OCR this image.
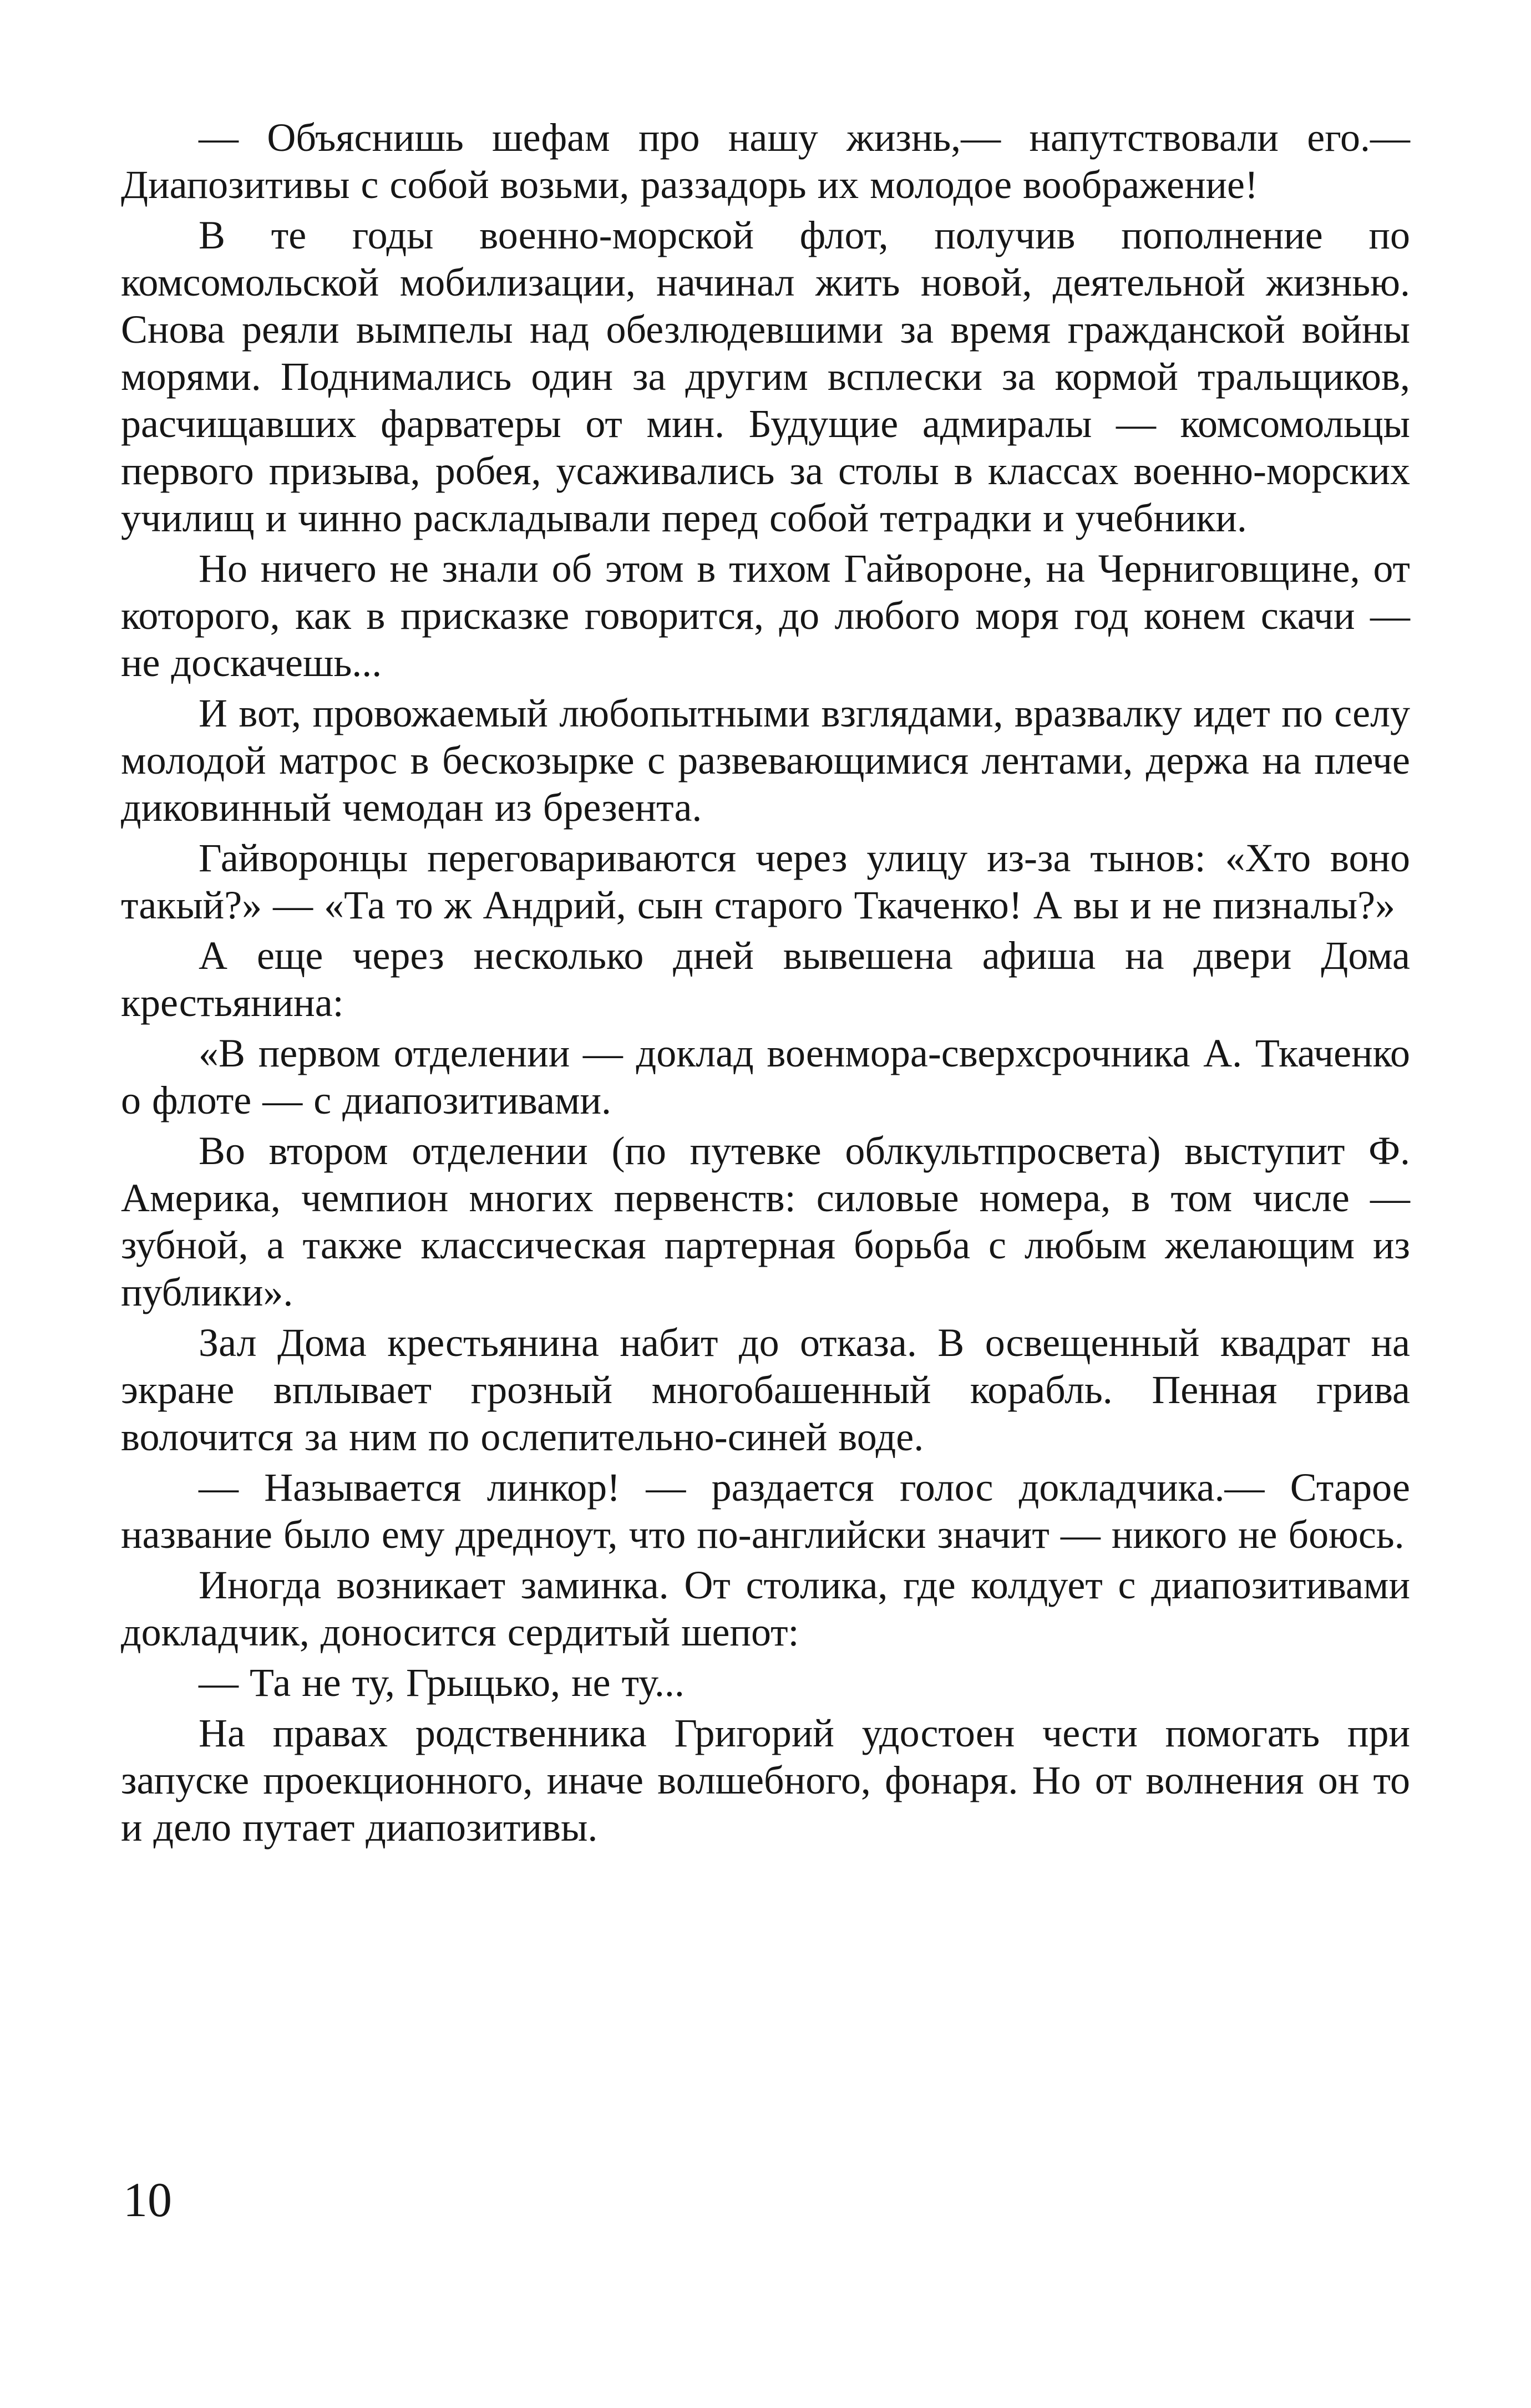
— Объяснишь шефам про нашу жизнь,— напутствовали его.— Диапозитивы с собой возьми, раззадорь их молодое воображение!

В те годы военно-морской флот, получив пополнение по комсомольской мобилизации, начинал жить новой, деятельной жизнью. Снова реяли вымпелы над обезлюдевшими за время гражданской войны морями. Поднимались один за другим всплески за кормой тральщиков, расчищавших фарватеры от мин. Будущие адмиралы — комсомольцы первого призыва, робея, усаживались за столы в классах военно-морских училищ и чинно раскладывали перед собой тетрадки и учебники.

Но ничего не знали об этом в тихом Гайвороне, на Черниговщине, от которого, как в присказке говорится, до любого моря год конем скачи — не доскачешь...

И вот, провожаемый любопытными взглядами, вразвалку идет по селу молодой матрос в бескозырке с развевающимися лентами, держа на плече диковинный чемодан из брезента.

Гайворонцы переговариваются через улицу из-за тынов: «Хто воно такый?» — «Та то ж Андрий, сын старого Ткаченко! А вы и не пизналы?»

А еще через несколько дней вывешена афиша на двери Дома крестьянина:

«В первом отделении — доклад военмора-сверхсрочника А. Ткаченко о флоте — с диапозитивами.

Во втором отделении (по путевке облкультпросвета) выступит Ф. Америка, чемпион многих первенств: силовые номера, в том числе — зубной, а также классическая партерная борьба с любым желающим из публики».

Зал Дома крестьянина набит до отказа. В освещенный квадрат на экране вплывает грозный многобашенный корабль. Пенная грива волочится за ним по ослепительно-синей воде.

— Называется линкор! — раздается голос докладчика.— Старое название было ему дредноут, что по-английски значит — никого не боюсь.

Иногда возникает заминка. От столика, где колдует с диапозитивами докладчик, доносится сердитый шепот:

— Та не ту, Грыцько, не ту...

На правах родственника Григорий удостоен чести помогать при запуске проекционного, иначе волшебного, фонаря. Но от волнения он то и дело путает диапозитивы.

10
